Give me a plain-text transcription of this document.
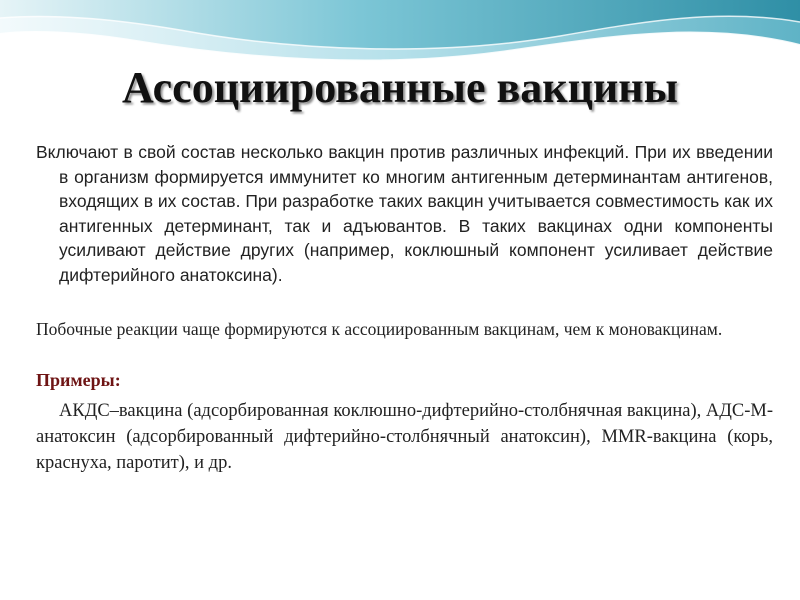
Ассоциированные вакцины

Включают в свой состав несколько вакцин против различных инфекций. При их введении в организм формируется иммунитет ко многим антигенным детерминантам антигенов, входящих в их состав. При разработке таких вакцин учитывается совместимость как их антигенных детерминант, так и адъювантов. В таких вакцинах одни компоненты усиливают действие других (например, коклюшный компонент усиливает действие дифтерийного анатоксина).

Побочные реакции чаще формируются к ассоциированным вакцинам, чем к моновакцинам.

Примеры:

АКДС–вакцина (адсорбированная коклюшно-дифтерийно-столбнячная вакцина), АДС-М-анатоксин (адсорбированный дифтерийно-столбнячный анатоксин), MMR-вакцина (корь, краснуха, паротит), и др.
